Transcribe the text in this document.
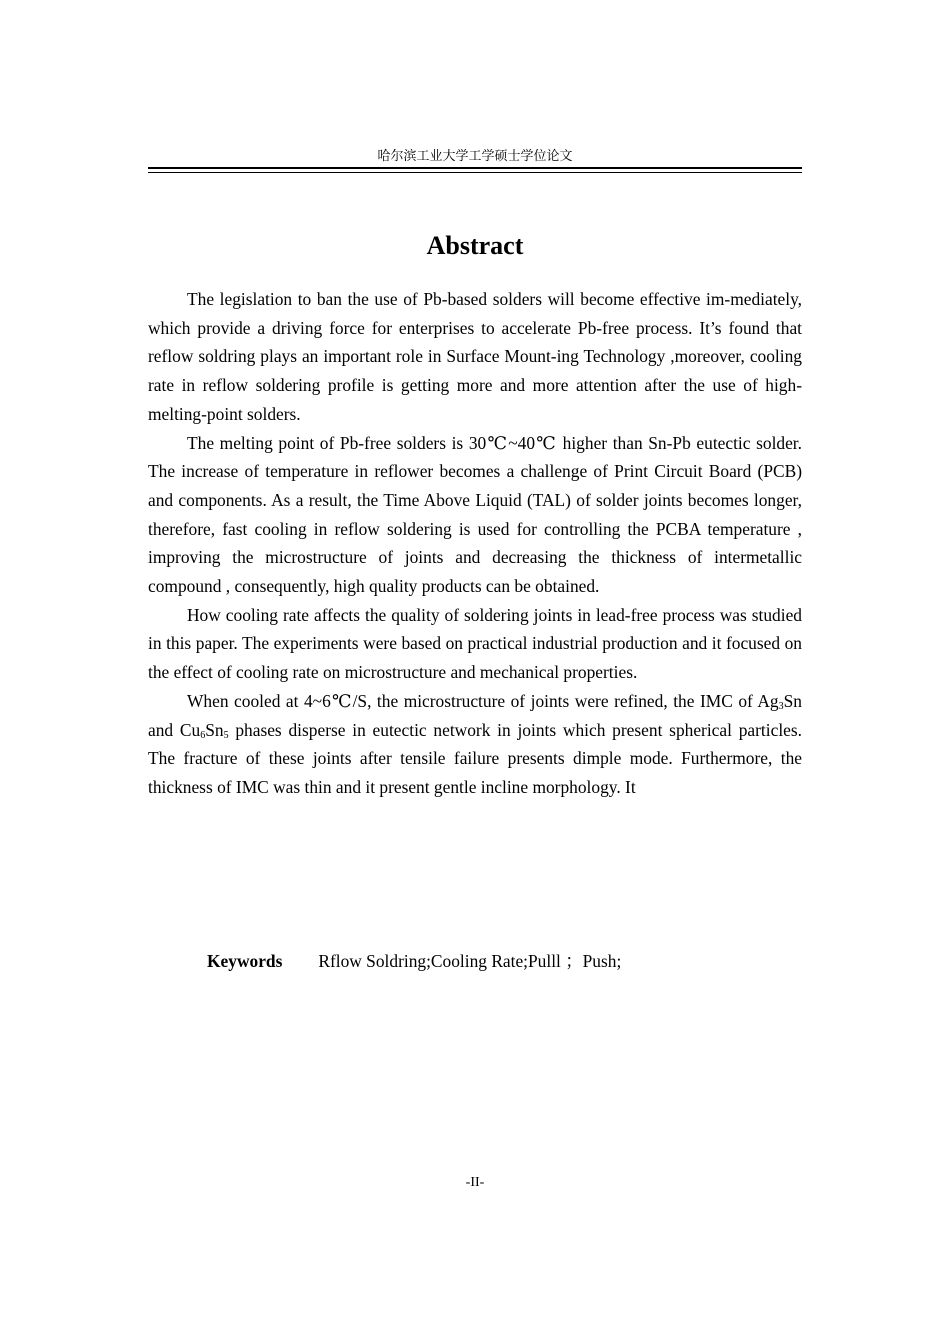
哈尔滨工业大学工学硕士学位论文
Abstract

The legislation to ban the use of Pb-based solders will become effective im-mediately, which provide a driving force for enterprises to accelerate Pb-free process. It’s found that reflow soldring plays an important role in Surface Mount-ing Technology ,moreover, cooling rate in reflow soldering profile is getting more and more attention after the use of high-melting-point solders.

The melting point of Pb-free solders is 30℃~40℃ higher than Sn-Pb eutectic solder. The increase of temperature in reflower becomes a challenge of Print Circuit Board (PCB) and components. As a result, the Time Above Liquid (TAL) of solder joints becomes longer, therefore, fast cooling in reflow soldering is used for controlling the PCBA temperature , improving the microstructure of joints and decreasing the thickness of intermetallic compound , consequently, high quality products can be obtained.

How cooling rate affects the quality of soldering joints in lead-free process was studied in this paper. The experiments were based on practical industrial production and it focused on the effect of cooling rate on microstructure and mechanical properties.

When cooled at 4~6℃/S, the microstructure of joints were refined, the IMC of $Ag_3Sn$ and $Cu_6Sn_5$ phases disperse in eutectic network in joints which present spherical particles. The fracture of these joints after tensile failure presents dimple mode. Furthermore, the thickness of IMC was thin and it present gentle incline morphology. It

Keywords Rflow Soldring;Cooling Rate;Pulll ；Push;
-II-
